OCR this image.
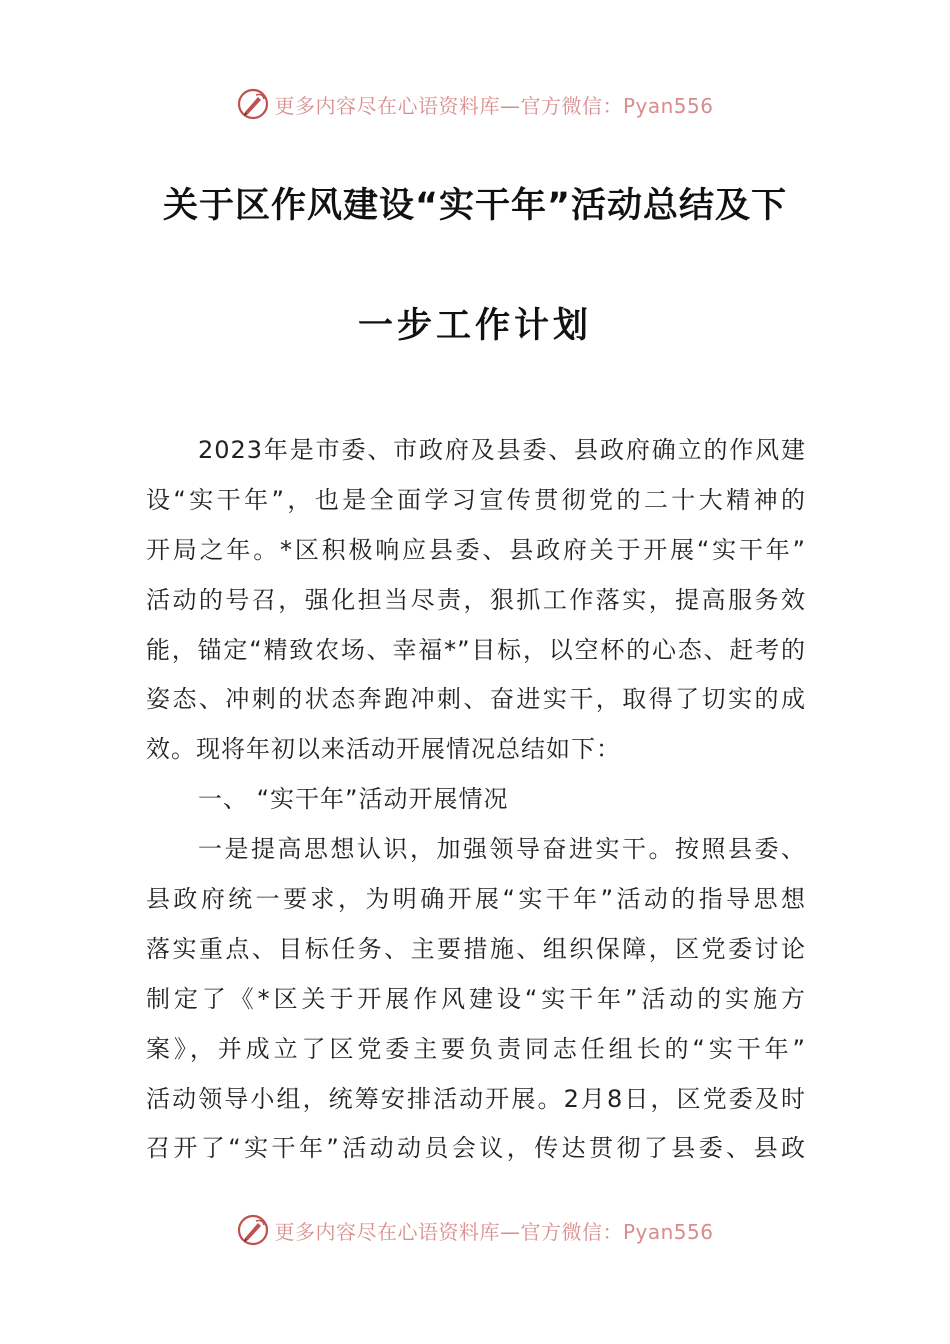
更多内容尽在心语资料库—官方微信：Pyan556
关于区作风建设“实干年”活动总结及下
一步工作计划
2023年是市委、市政府及县委、县政府确立的作风建
设“实干年”，也是全面学习宣传贯彻党的二十大精神的
开局之年。*区积极响应县委、县政府关于开展“实干年”
活动的号召，强化担当尽责，狠抓工作落实，提高服务效
能，锚定“精致农场、幸福*”目标，以空杯的心态、赶考的
姿态、冲刺的状态奔跑冲刺、奋进实干，取得了切实的成
效。现将年初以来活动开展情况总结如下：
一、 “实干年”活动开展情况
一是提高思想认识，加强领导奋进实干。按照县委、
县政府统一要求，为明确开展“实干年”活动的指导思想
落实重点、目标任务、主要措施、组织保障，区党委讨论
制定了《*区关于开展作风建设“实干年”活动的实施方
案》，并成立了区党委主要负责同志任组长的“实干年”
活动领导小组，统筹安排活动开展。2月8日，区党委及时
召开了“实干年”活动动员会议，传达贯彻了县委、县政
更多内容尽在心语资料库—官方微信：Pyan556
